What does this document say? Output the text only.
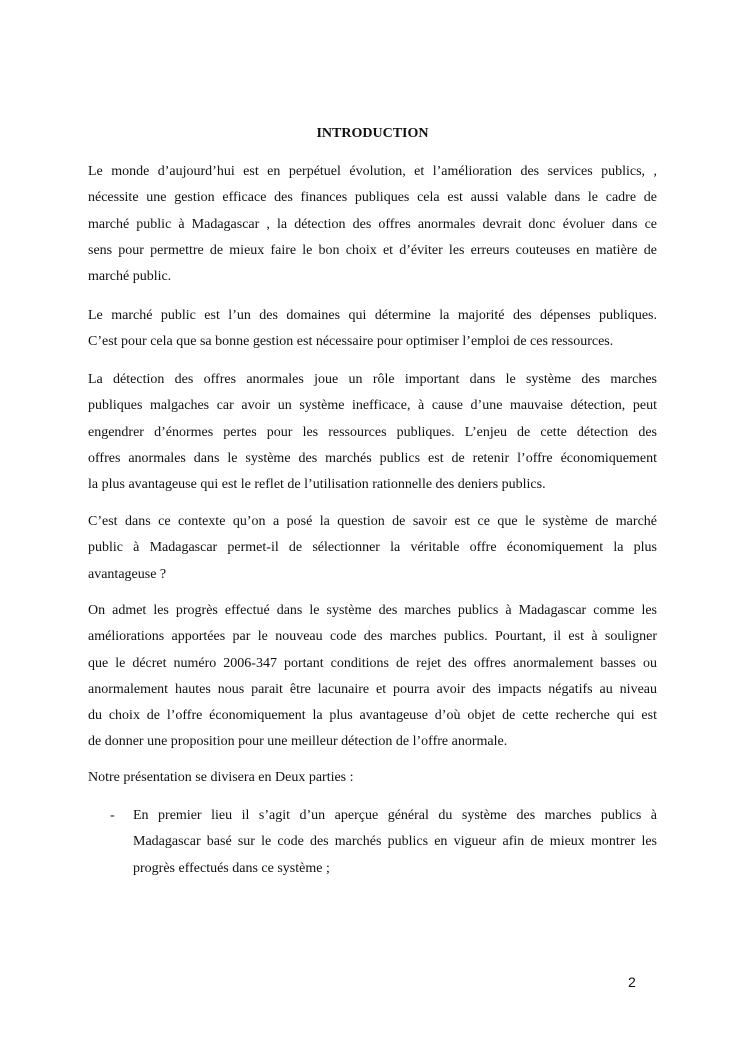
INTRODUCTION
Le monde d’aujourd’hui est en perpétuel évolution, et l’amélioration des services publics, ,
nécessite une gestion efficace des finances publiques cela est aussi valable dans le cadre de
marché public à Madagascar , la détection des offres anormales devrait donc évoluer dans ce
sens pour permettre de mieux faire le bon choix et d’éviter les erreurs couteuses en matière de
marché public.
Le marché public est l’un des domaines qui détermine la majorité des dépenses publiques.
C’est pour cela que sa bonne gestion est nécessaire pour optimiser l’emploi de ces ressources.
La détection des offres anormales joue un rôle important dans le système des marches
publiques malgaches car avoir un système inefficace, à cause d’une mauvaise détection, peut
engendrer d’énormes pertes pour les ressources publiques. L’enjeu de cette détection des
offres anormales dans le système des marchés publics est de retenir l’offre économiquement
la plus avantageuse qui est le reflet de l’utilisation rationnelle des deniers publics.
C’est dans ce contexte qu’on a posé la question de savoir est ce que le système de marché
public à Madagascar permet-il de sélectionner la véritable offre économiquement la plus
avantageuse ?
On admet les progrès effectué dans le système des marches publics à Madagascar comme les
améliorations apportées par le nouveau code des marches publics. Pourtant, il est à souligner
que le décret numéro 2006-347 portant conditions de rejet des offres anormalement basses ou
anormalement hautes nous parait être lacunaire et pourra avoir des impacts négatifs au niveau
du choix de l’offre économiquement la plus avantageuse d’où objet de cette recherche qui est
de donner une proposition pour une meilleur détection de l’offre anormale.
Notre présentation se divisera en Deux parties :
- En premier lieu il s’agit d’un aperçue général du système des marches publics à
Madagascar basé sur le code des marchés publics en vigueur afin de mieux montrer les
progrès effectués dans ce système ;
2
